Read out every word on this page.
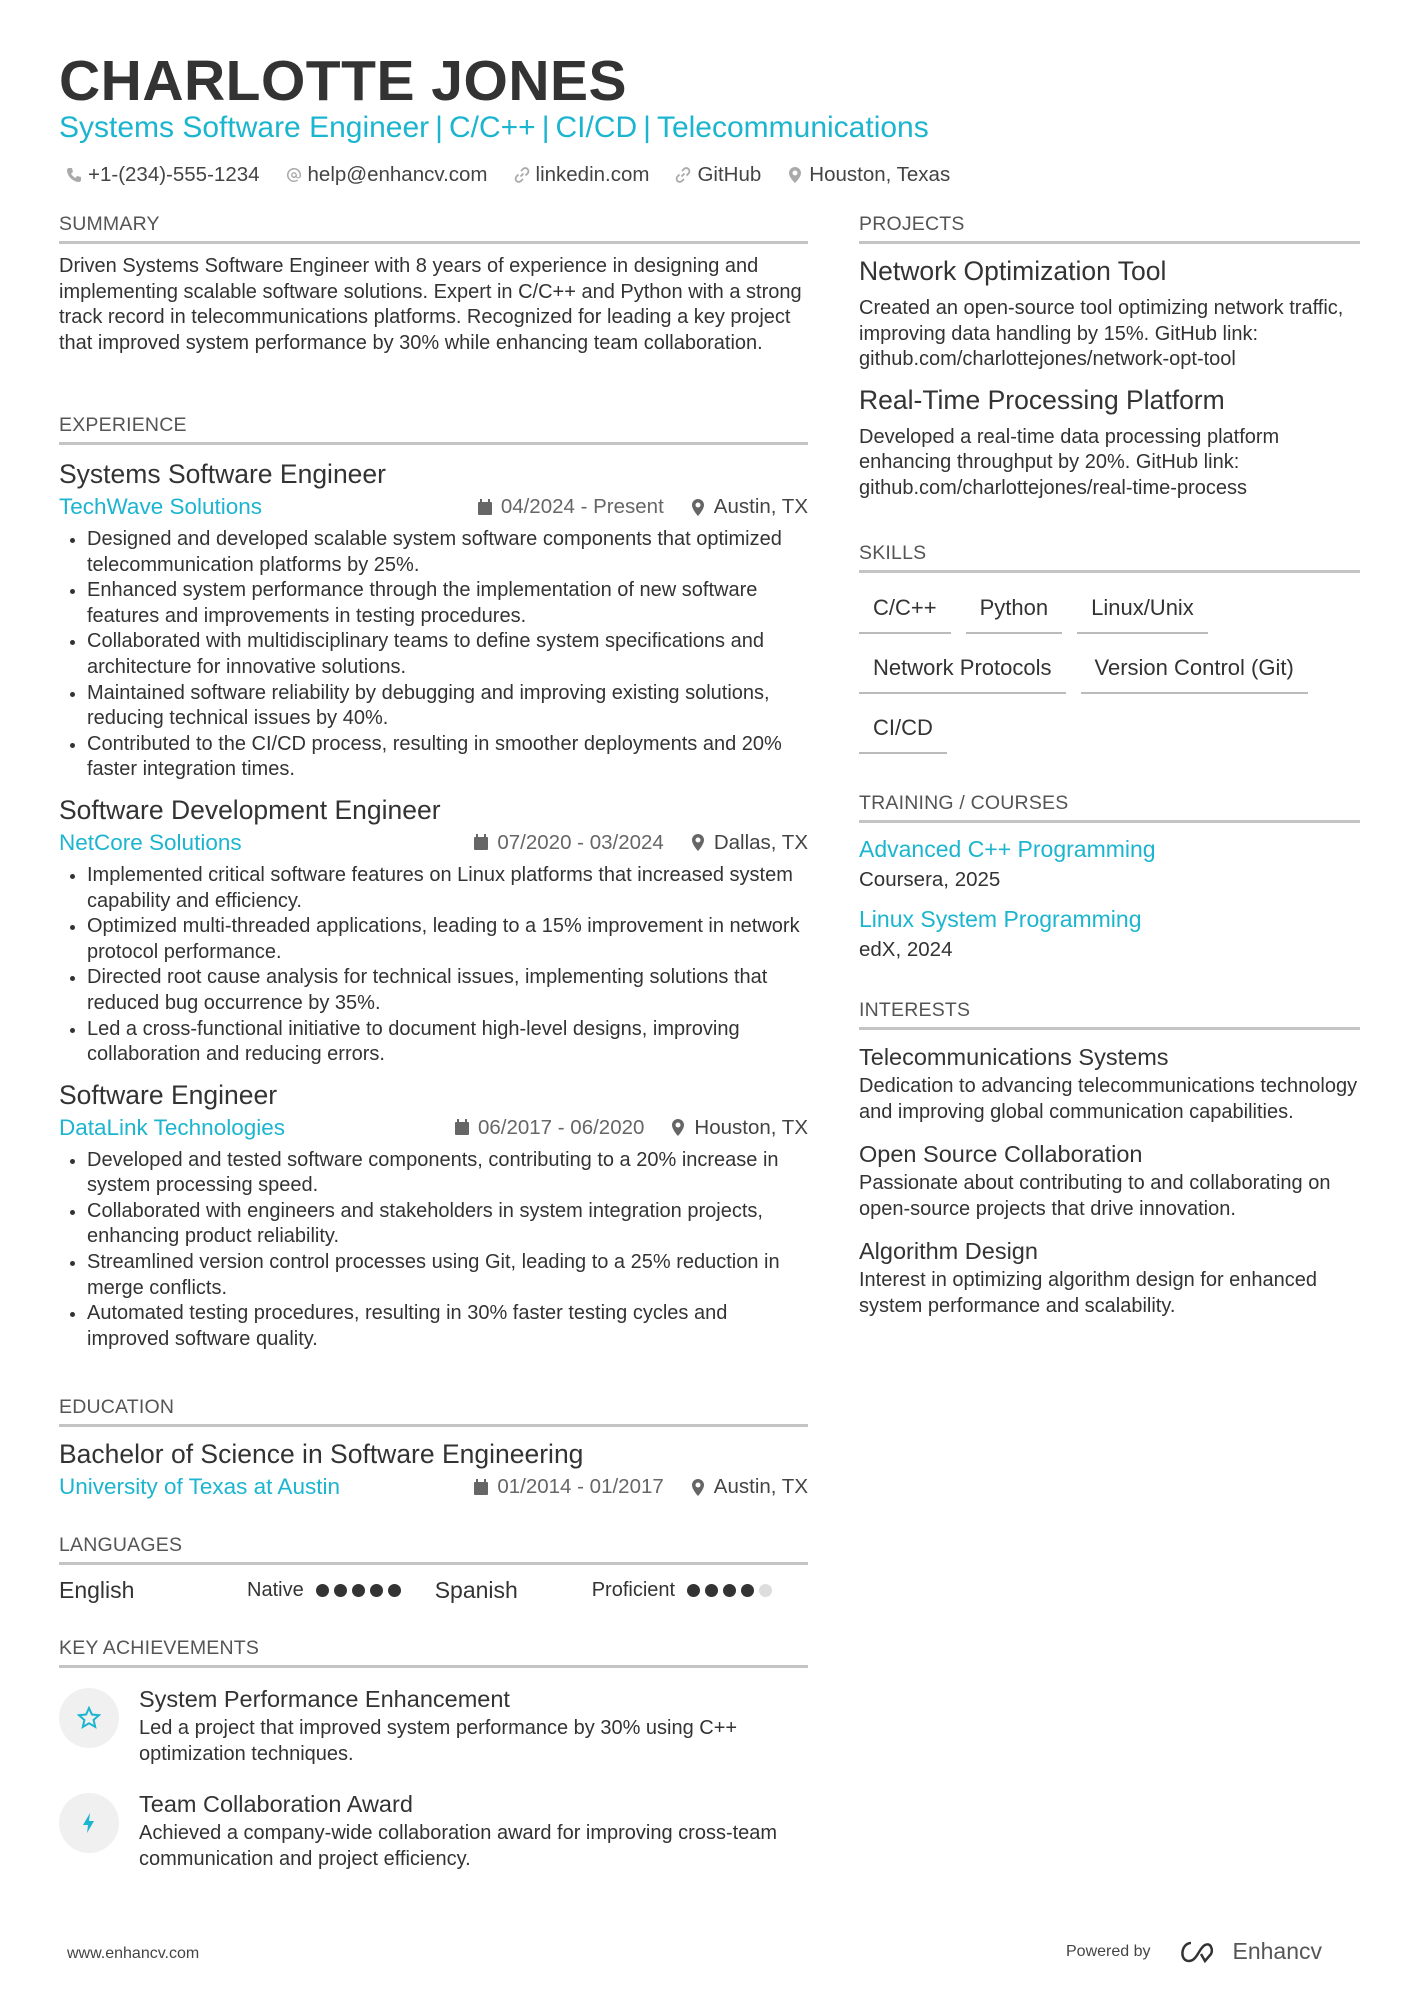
CHARLOTTE JONES
Systems Software Engineer | C/C++ | CI/CD | Telecommunications
+1-(234)-555-1234 help@enhancv.com linkedin.com GitHub Houston, Texas
SUMMARY
Driven Systems Software Engineer with 8 years of experience in designing and implementing scalable software solutions. Expert in C/C++ and Python with a strong track record in telecommunications platforms. Recognized for leading a key project that improved system performance by 30% while enhancing team collaboration.
EXPERIENCE
Systems Software Engineer
TechWave Solutions	04/2024 - Present Austin, TX
Designed and developed scalable system software components that optimized telecommunication platforms by 25%.
Enhanced system performance through the implementation of new software features and improvements in testing procedures.
Collaborated with multidisciplinary teams to define system specifications and architecture for innovative solutions.
Maintained software reliability by debugging and improving existing solutions, reducing technical issues by 40%.
Contributed to the CI/CD process, resulting in smoother deployments and 20% faster integration times.
Software Development Engineer
NetCore Solutions	07/2020 - 03/2024 Dallas, TX
Implemented critical software features on Linux platforms that increased system capability and efficiency.
Optimized multi-threaded applications, leading to a 15% improvement in network protocol performance.
Directed root cause analysis for technical issues, implementing solutions that reduced bug occurrence by 35%.
Led a cross-functional initiative to document high-level designs, improving collaboration and reducing errors.
Software Engineer
DataLink Technologies	06/2017 - 06/2020 Houston, TX
Developed and tested software components, contributing to a 20% increase in system processing speed.
Collaborated with engineers and stakeholders in system integration projects, enhancing product reliability.
Streamlined version control processes using Git, leading to a 25% reduction in merge conflicts.
Automated testing procedures, resulting in 30% faster testing cycles and improved software quality.
EDUCATION
Bachelor of Science in Software Engineering
University of Texas at Austin	01/2014 - 01/2017 Austin, TX
LANGUAGES
English	Native	Spanish	Proficient
KEY ACHIEVEMENTS
System Performance Enhancement
Led a project that improved system performance by 30% using C++ optimization techniques.
Team Collaboration Award
Achieved a company-wide collaboration award for improving cross-team communication and project efficiency.
PROJECTS
Network Optimization Tool
Created an open-source tool optimizing network traffic, improving data handling by 15%. GitHub link: github.com/charlottejones/network-opt-tool
Real-Time Processing Platform
Developed a real-time data processing platform enhancing throughput by 20%. GitHub link: github.com/charlottejones/real-time-process
SKILLS
C/C++	Python	Linux/Unix
Network Protocols	Version Control (Git)
CI/CD
TRAINING / COURSES
Advanced C++ Programming
Coursera, 2025
Linux System Programming
edX, 2024
INTERESTS
Telecommunications Systems
Dedication to advancing telecommunications technology and improving global communication capabilities.
Open Source Collaboration
Passionate about contributing to and collaborating on open-source projects that drive innovation.
Algorithm Design
Interest in optimizing algorithm design for enhanced system performance and scalability.
www.enhancv.com	Powered by	Enhancv
